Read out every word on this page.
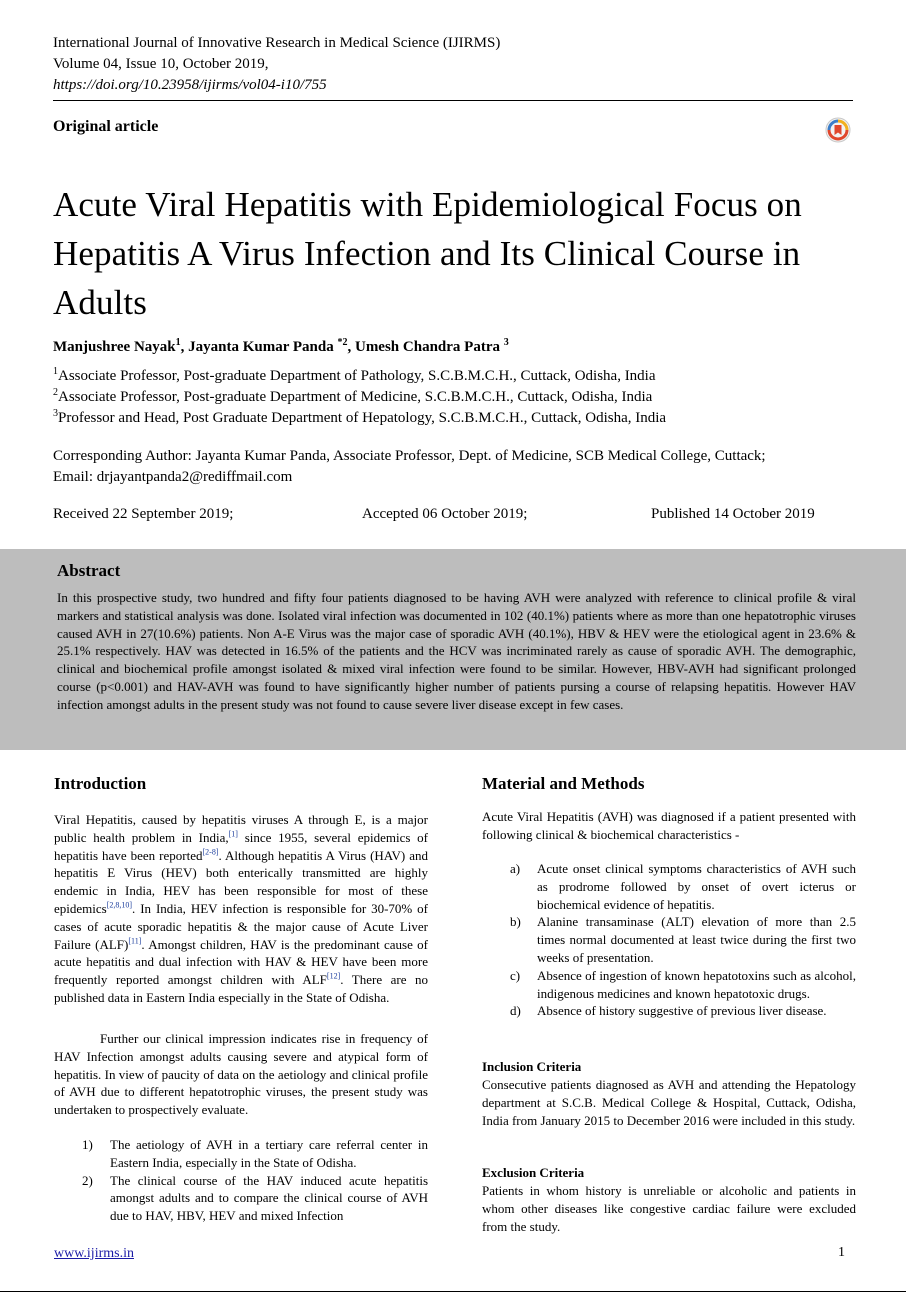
International Journal of Innovative Research in Medical Science (IJIRMS)
Volume 04, Issue 10, October 2019,
https://doi.org/10.23958/ijirms/vol04-i10/755
Original article
Acute Viral Hepatitis with Epidemiological Focus on Hepatitis A Virus Infection and Its Clinical Course in Adults
Manjushree Nayak$^1$, Jayanta Kumar Panda $^{*2}$, Umesh Chandra Patra $^3$
$^1$Associate Professor, Post-graduate Department of Pathology, S.C.B.M.C.H., Cuttack, Odisha, India
$^2$Associate Professor, Post-graduate Department of Medicine, S.C.B.M.C.H., Cuttack, Odisha, India
$^3$Professor and Head, Post Graduate Department of Hepatology, S.C.B.M.C.H., Cuttack, Odisha, India
Corresponding Author: Jayanta Kumar Panda, Associate Professor, Dept. of Medicine, SCB Medical College, Cuttack;
Email: drjayantpanda2@rediffmail.com
Received 22 September 2019;	Accepted 06 October 2019;	Published 14 October 2019
Abstract
In this prospective study, two hundred and fifty four patients diagnosed to be having AVH were analyzed with reference to clinical profile & viral markers and statistical analysis was done. Isolated viral infection was documented in 102 (40.1%) patients where as more than one hepatotrophic viruses caused AVH in 27(10.6%) patients. Non A-E Virus was the major case of sporadic AVH (40.1%), HBV & HEV were the etiological agent in 23.6% & 25.1% respectively. HAV was detected in 16.5% of the patients and the HCV was incriminated rarely as cause of sporadic AVH. The demographic, clinical and biochemical profile amongst isolated & mixed viral infection were found to be similar. However, HBV-AVH had significant prolonged course (p<0.001) and HAV-AVH was found to have significantly higher number of patients pursing a course of relapsing hepatitis. However HAV infection amongst adults in the present study was not found to cause severe liver disease except in few cases.
Introduction
Viral Hepatitis, caused by hepatitis viruses A through E, is a major public health problem in India,[1] since 1955, several epidemics of hepatitis have been reported[2-8]. Although hepatitis A Virus (HAV) and hepatitis E Virus (HEV) both enterically transmitted are highly endemic in India, HEV has been responsible for most of these epidemics[2,8,10]. In India, HEV infection is responsible for 30-70% of cases of acute sporadic hepatitis & the major cause of Acute Liver Failure (ALF)[11]. Amongst children, HAV is the predominant cause of acute hepatitis and dual infection with HAV & HEV have been more frequently reported amongst children with ALF[12]. There are no published data in Eastern India especially in the State of Odisha.
Further our clinical impression indicates rise in frequency of HAV Infection amongst adults causing severe and atypical form of hepatitis. In view of paucity of data on the aetiology and clinical profile of AVH due to different hepatotrophic viruses, the present study was undertaken to prospectively evaluate.
1) The aetiology of AVH in a tertiary care referral center in Eastern India, especially in the State of Odisha.
2) The clinical course of the HAV induced acute hepatitis amongst adults and to compare the clinical course of AVH due to HAV, HBV, HEV and mixed Infection
Material and Methods
Acute Viral Hepatitis (AVH) was diagnosed if a patient presented with following clinical & biochemical characteristics -
a) Acute onset clinical symptoms characteristics of AVH such as prodrome followed by onset of overt icterus or biochemical evidence of hepatitis.
b) Alanine transaminase (ALT) elevation of more than 2.5 times normal documented at least twice during the first two weeks of presentation.
c) Absence of ingestion of known hepatotoxins such as alcohol, indigenous medicines and known hepatotoxic drugs.
d) Absence of history suggestive of previous liver disease.
Inclusion Criteria
Consecutive patients diagnosed as AVH and attending the Hepatology department at S.C.B. Medical College & Hospital, Cuttack, Odisha, India from January 2015 to December 2016 were included in this study.
Exclusion Criteria
Patients in whom history is unreliable or alcoholic and patients in whom other diseases like congestive cardiac failure were excluded from the study.
www.ijirms.in	1
